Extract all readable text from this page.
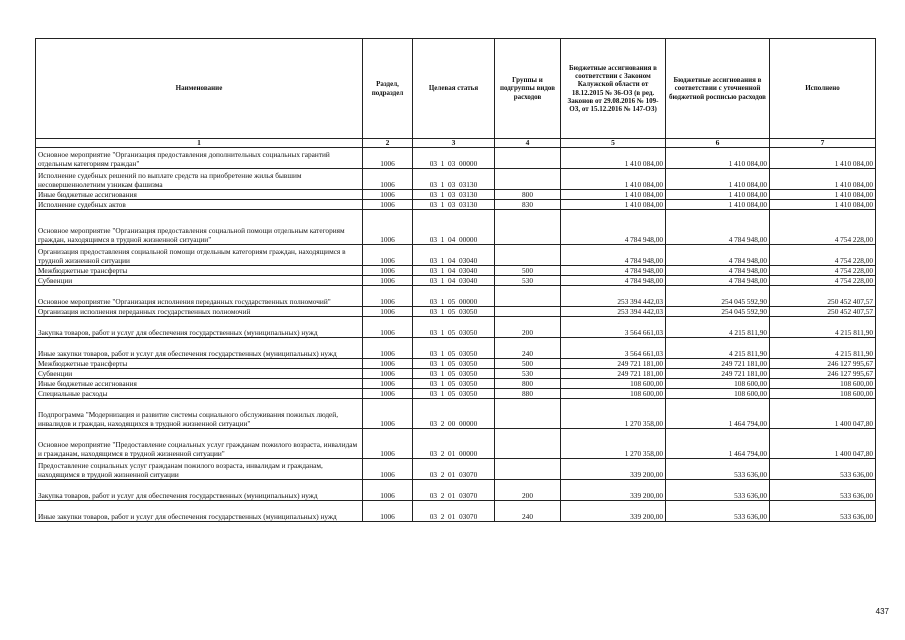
Наименование	Раздел, подраздел	Целевая статья	Группы и подгруппы видов расходов	Бюджетные ассигнования в соответствии с Законом Калужской области от 18.12.2015 № 36-ОЗ (в ред. Законов от 29.08.2016 № 109-ОЗ, от 15.12.2016 № 147-ОЗ)	Бюджетные ассигнования в соответствии с уточненной бюджетной росписью расходов	Исполнено
1	2	3	4	5	6	7
Основное мероприятие "Организация предоставления дополнительных социальных гарантий отдельным категориям граждан"	1006	03  1  03  00000		1 410 084,00	1 410 084,00	1 410 084,00
Исполнение судебных решений по выплате средств на приобретение жилья бывшим несовершеннолетним узникам фашизма	1006	03  1  03  03130		1 410 084,00	1 410 084,00	1 410 084,00
Иные бюджетные ассигнования	1006	03  1  03  03130	800	1 410 084,00	1 410 084,00	1 410 084,00
Исполнение судебных актов	1006	03  1  03  03130	830	1 410 084,00	1 410 084,00	1 410 084,00
Основное мероприятие "Организация предоставления социальной помощи отдельным категориям граждан, находящимся в трудной жизненной ситуации"	1006	03  1  04  00000		4 784 948,00	4 784 948,00	4 754 228,00
Организация предоставления социальной помощи отдельным категориям граждан, находящимся в трудной жизненной ситуации	1006	03  1  04  03040		4 784 948,00	4 784 948,00	4 754 228,00
Межбюджетные трансферты	1006	03  1  04  03040	500	4 784 948,00	4 784 948,00	4 754 228,00
Субвенции	1006	03  1  04  03040	530	4 784 948,00	4 784 948,00	4 754 228,00
Основное мероприятие "Организация исполнения переданных государственных полномочий"	1006	03  1  05  00000		253 394 442,03	254 045 592,90	250 452 407,57
Организация исполнения переданных государственных полномочий	1006	03  1  05  03050		253 394 442,03	254 045 592,90	250 452 407,57
Закупка товаров, работ и услуг для обеспечения государственных (муниципальных) нужд	1006	03  1  05  03050	200	3 564 661,03	4 215 811,90	4 215 811,90
Иные закупки товаров, работ и услуг для обеспечения государственных (муниципальных) нужд	1006	03  1  05  03050	240	3 564 661,03	4 215 811,90	4 215 811,90
Межбюджетные трансферты	1006	03  1  05  03050	500	249 721 181,00	249 721 181,00	246 127 995,67
Субвенции	1006	03  1  05  03050	530	249 721 181,00	249 721 181,00	246 127 995,67
Иные бюджетные ассигнования	1006	03  1  05  03050	800	108 600,00	108 600,00	108 600,00
Специальные расходы	1006	03  1  05  03050	880	108 600,00	108 600,00	108 600,00
Подпрограмма "Модернизация и развитие системы социального обслуживания пожилых людей, инвалидов и граждан, находящихся в трудной жизненной ситуации"	1006	03  2  00  00000		1 270 358,00	1 464 794,00	1 400 047,80
Основное мероприятие "Предоставление социальных услуг гражданам пожилого возраста, инвалидам и гражданам, находящимся в трудной жизненной ситуации"	1006	03  2  01  00000		1 270 358,00	1 464 794,00	1 400 047,80
Предоставление социальных услуг гражданам пожилого возраста, инвалидам и гражданам, находящимся в трудной жизненной ситуации	1006	03  2  01  03070		339 200,00	533 636,00	533 636,00
Закупка товаров, работ и услуг для обеспечения государственных (муниципальных) нужд	1006	03  2  01  03070	200	339 200,00	533 636,00	533 636,00
Иные закупки товаров, работ и услуг для обеспечения государственных (муниципальных) нужд	1006	03  2  01  03070	240	339 200,00	533 636,00	533 636,00
437
